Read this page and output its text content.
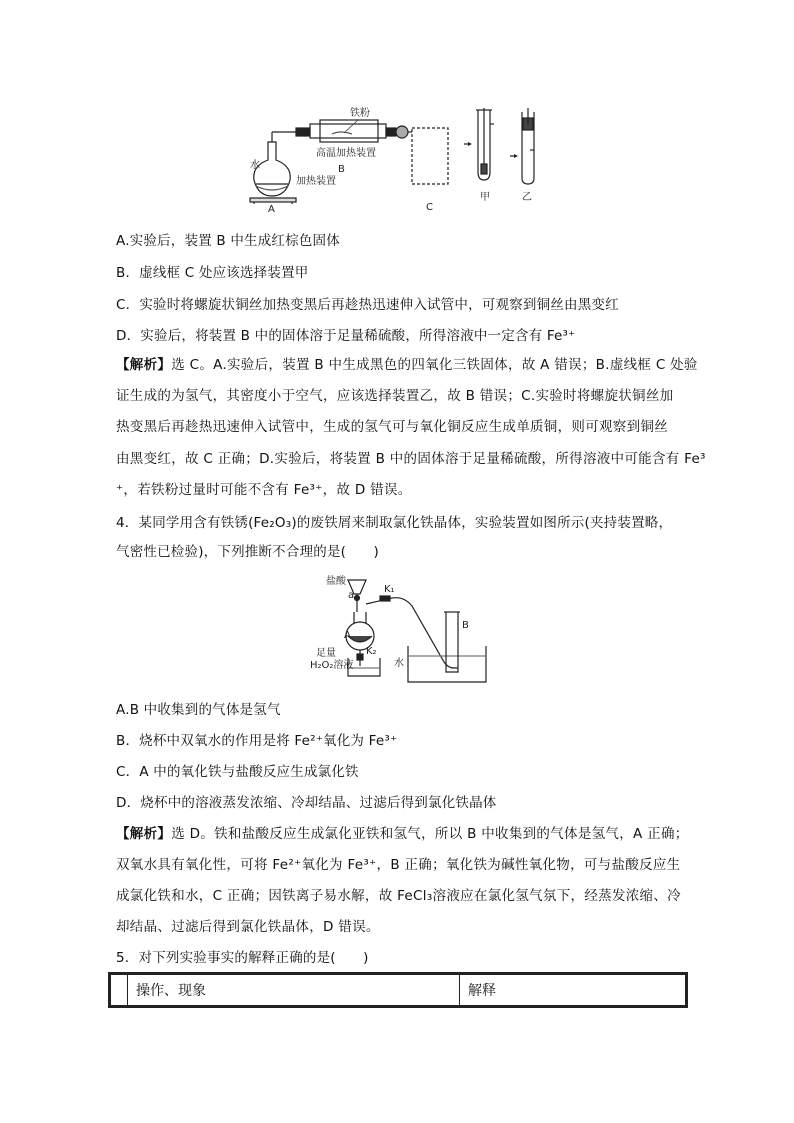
铁粉
水
高温加热装置
加热装置
A
B
C
甲	乙
A.实验后，装置 B 中生成红棕色固体
B．虚线框 C 处应该选择装置甲
C．实验时将螺旋状铜丝加热变黑后再趁热迅速伸入试管中，可观察到铜丝由黑变红
D．实验后，将装置 B 中的固体溶于足量稀硫酸，所得溶液中一定含有 Fe³⁺
【解析】选 C。A.实验后，装置 B 中生成黑色的四氧化三铁固体，故 A 错误；B.虚线框 C 处验
证生成的为氢气，其密度小于空气，应该选择装置乙，故 B 错误；C.实验时将螺旋状铜丝加
热变黑后再趁热迅速伸入试管中，生成的氢气可与氧化铜反应生成单质铜，则可观察到铜丝
由黑变红，故 C 正确；D.实验后，将装置 B 中的固体溶于足量稀硫酸，所得溶液中可能含有 Fe³
⁺，若铁粉过量时可能不含有 Fe³⁺，故 D 错误。
4．某同学用含有铁锈(Fe₂O₃)的废铁屑来制取氯化铁晶体，实验装置如图所示(夹持装置略，
气密性已检验)，下列推断不合理的是(　　)
盐酸
a
K₁
A
K₂
B
水
足量
H₂O₂溶液
A.B 中收集到的气体是氢气
B．烧杯中双氧水的作用是将 Fe²⁺氧化为 Fe³⁺
C．A 中的氧化铁与盐酸反应生成氯化铁
D．烧杯中的溶液蒸发浓缩、冷却结晶、过滤后得到氯化铁晶体
【解析】选 D。铁和盐酸反应生成氯化亚铁和氢气，所以 B 中收集到的气体是氢气，A 正确；
双氧水具有氧化性，可将 Fe²⁺氧化为 Fe³⁺，B 正确；氧化铁为碱性氧化物，可与盐酸反应生
成氯化铁和水，C 正确；因铁离子易水解，故 FeCl₃溶液应在氯化氢气氛下，经蒸发浓缩、冷
却结晶、过滤后得到氯化铁晶体，D 错误。
5．对下列实验事实的解释正确的是(　　)
	操作、现象	解释
